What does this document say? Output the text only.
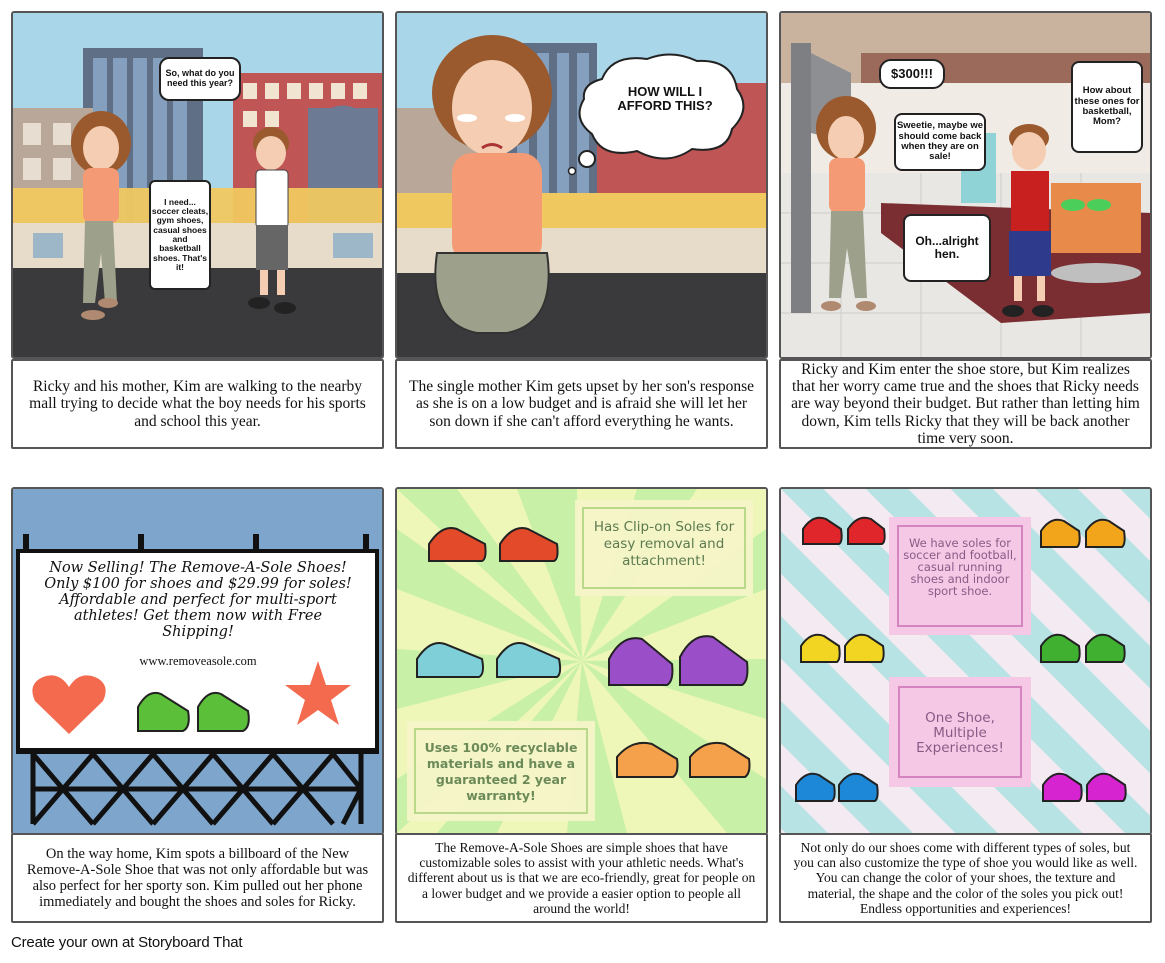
So, what do you need this year?
I need... soccer cleats, gym shoes, casual shoes and basketball shoes. That's it!
Ricky and his mother, Kim are walking to the nearby mall trying to decide what the boy needs for his sports and school this year.
HOW WILL I AFFORD THIS?
The single mother Kim gets upset by her son's response as she is on a low budget and is afraid she will let her son down if she can't afford everything he wants.
$300!!!
Sweetie, maybe we should come back when they are on sale!
How about these ones for basketball, Mom?
Oh...alright hen.
Ricky and Kim enter the shoe store, but Kim realizes that her worry came true and the shoes that Ricky needs are way beyond their budget. But rather than letting him down, Kim tells Ricky that they will be back another time very soon.
Now Selling! The Remove-A-Sole Shoes! Only $100 for shoes and $29.99 for soles! Affordable and perfect for multi-sport athletes! Get them now with Free Shipping!
www.removeasole.com
On the way home, Kim spots a billboard of the New Remove-A-Sole Shoe that was not only affordable but was also perfect for her sporty son. Kim pulled out her phone immediately and bought the shoes and soles for Ricky.
Has Clip-on Soles for easy removal and attachment!
Uses 100% recyclable materials and have a guaranteed 2 year warranty!
The Remove-A-Sole Shoes are simple shoes that have customizable soles to assist with your athletic needs. What's different about us is that we are eco-friendly, great for people on a lower budget and we provide a easier option to people all around the world!
We have soles for soccer and football, casual running shoes and indoor sport shoe.
One Shoe, Multiple Experiences!
Not only do our shoes come with different types of soles, but you can also customize the type of shoe you would like as well. You can change the color of your shoes, the texture and material, the shape and the color of the soles you pick out! Endless opportunities and experiences!
Create your own at Storyboard That
